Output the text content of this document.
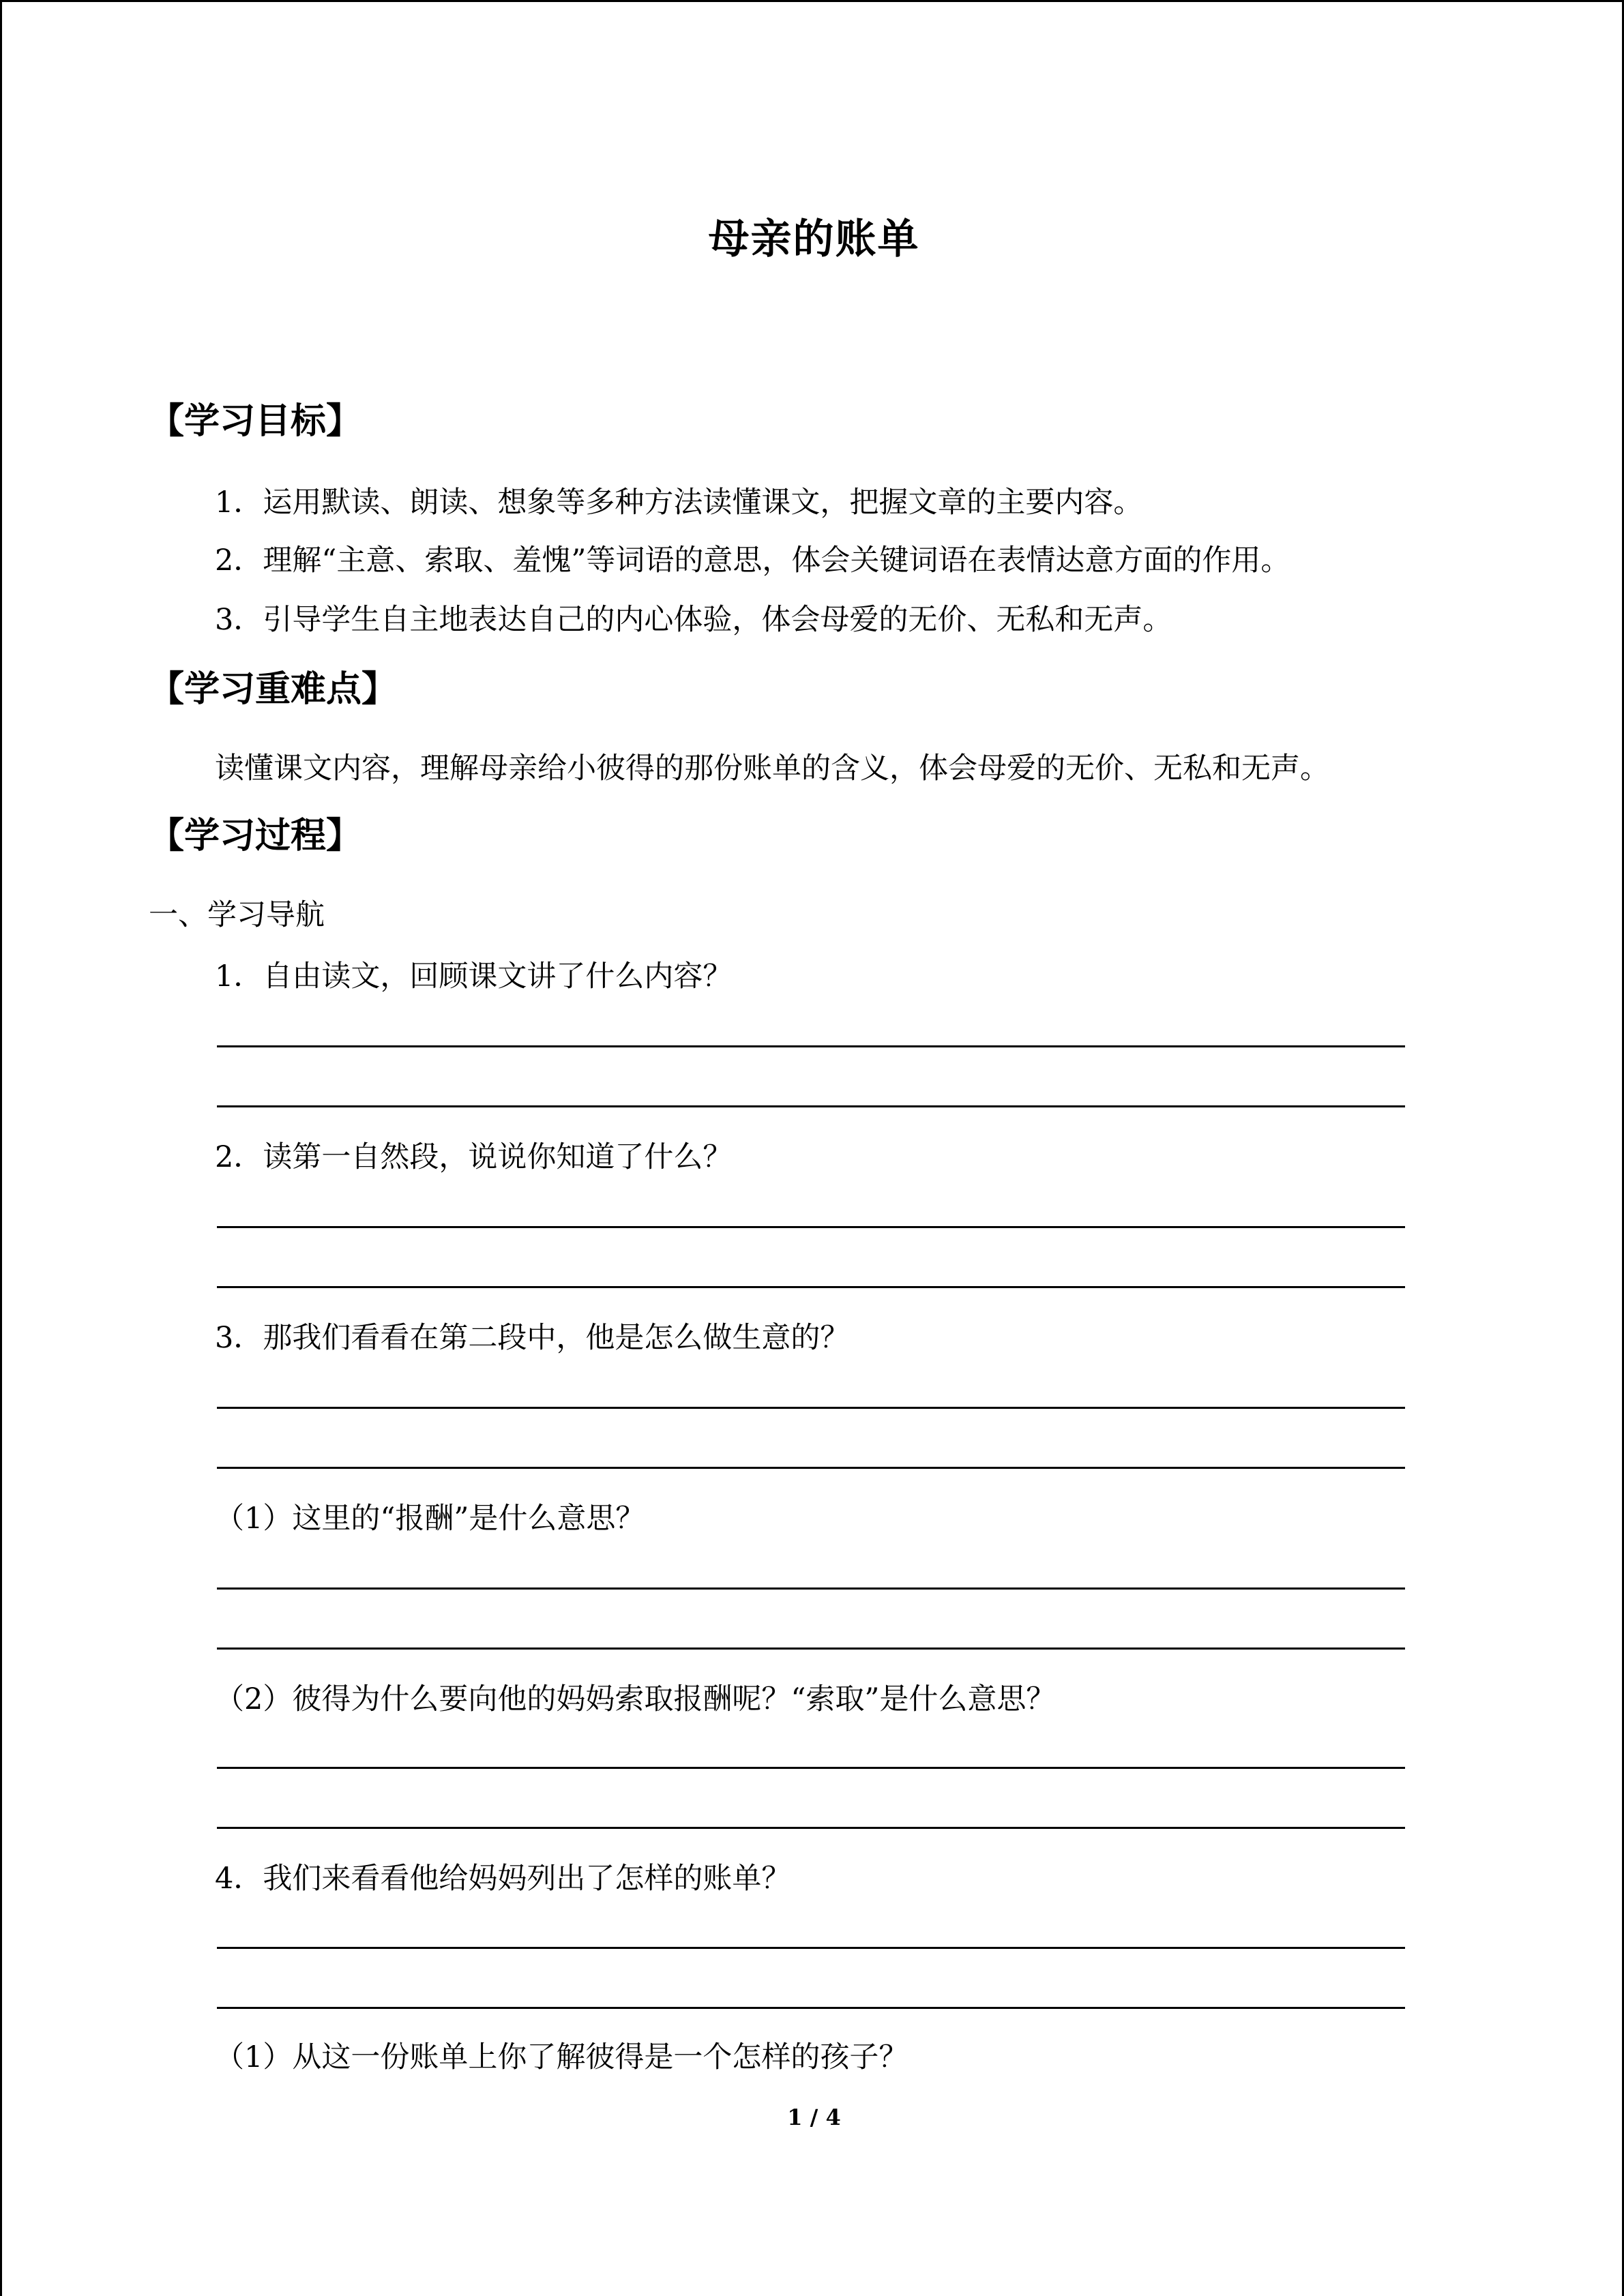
母亲的账单
【学习目标】
1．运用默读、朗读、想象等多种方法读懂课文，把握文章的主要内容。
2．理解“主意、索取、羞愧”等词语的意思，体会关键词语在表情达意方面的作用。
3．引导学生自主地表达自己的内心体验，体会母爱的无价、无私和无声。
【学习重难点】
读懂课文内容，理解母亲给小彼得的那份账单的含义，体会母爱的无价、无私和无声。
【学习过程】
一、学习导航
1．自由读文，回顾课文讲了什么内容？
2．读第一自然段，说说你知道了什么？
3．那我们看看在第二段中，他是怎么做生意的？
（1）这里的“报酬”是什么意思？
（2）彼得为什么要向他的妈妈索取报酬呢？“索取”是什么意思？
4．我们来看看他给妈妈列出了怎样的账单？
（1）从这一份账单上你了解彼得是一个怎样的孩子？
1 / 4
